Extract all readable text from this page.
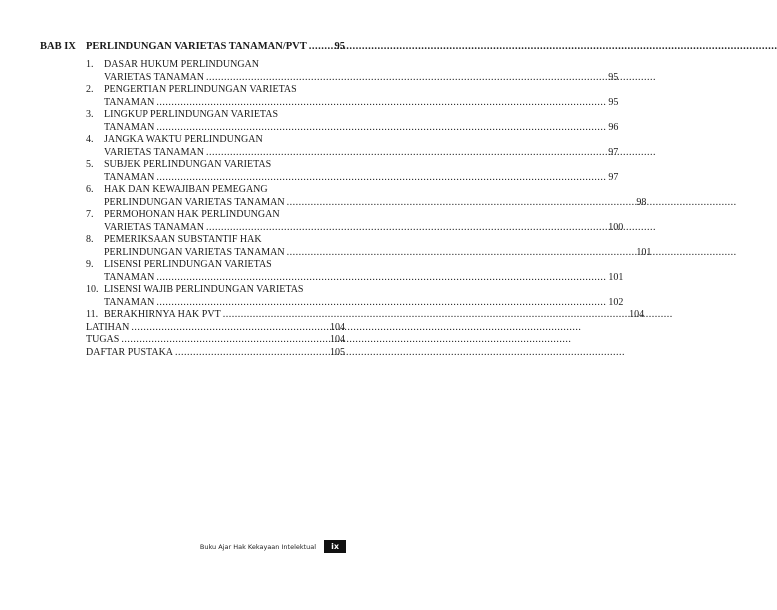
BAB IX PERLINDUNGAN VARIETAS TANAMAN/PVT .....	95
1.	DASAR HUKUM PERLINDUNGAN
VARIETAS TANAMAN .....	95
2.	PENGERTIAN PERLINDUNGAN VARIETAS
TANAMAN .....	95
3.	LINGKUP PERLINDUNGAN VARIETAS
TANAMAN .....	96
4.	JANGKA WAKTU PERLINDUNGAN
VARIETAS TANAMAN .....	97
5.	SUBJEK PERLINDUNGAN VARIETAS
TANAMAN .....	97
6.	HAK DAN KEWAJIBAN PEMEGANG
PERLINDUNGAN VARIETAS TANAMAN .....	98
7.	PERMOHONAN HAK PERLINDUNGAN
VARIETAS TANAMAN .....	100
8.	PEMERIKSAAN SUBSTANTIF HAK
PERLINDUNGAN VARIETAS TANAMAN .....	101
9.	LISENSI PERLINDUNGAN VARIETAS
TANAMAN .....	101
10. LISENSI WAJIB PERLINDUNGAN VARIETAS
TANAMAN .....	102
11. BERAKHIRNYA HAK PVT .....	104
LATIHAN .....	104
TUGAS .....	104
DAFTAR PUSTAKA .....	105
Buku Ajar Hak Kekayaan Intelektual	ix
